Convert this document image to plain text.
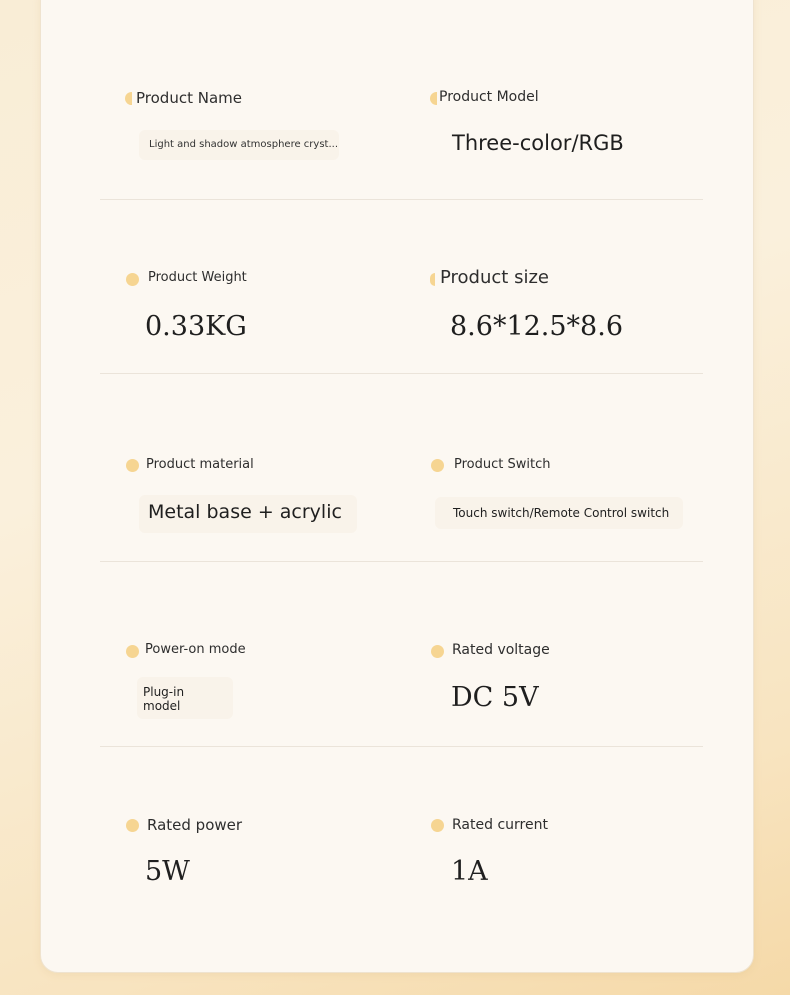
Product Name
Light and shadow atmosphere cryst...
Product Model
Three-color/RGB
Product Weight
0.33KG
Product size
8.6*12.5*8.6
Product material
Metal base + acrylic
Product Switch
Touch switch/Remote Control switch
Power-on mode
Plug-in
model
Rated voltage
DC 5V
Rated power
5W
Rated current
1A
